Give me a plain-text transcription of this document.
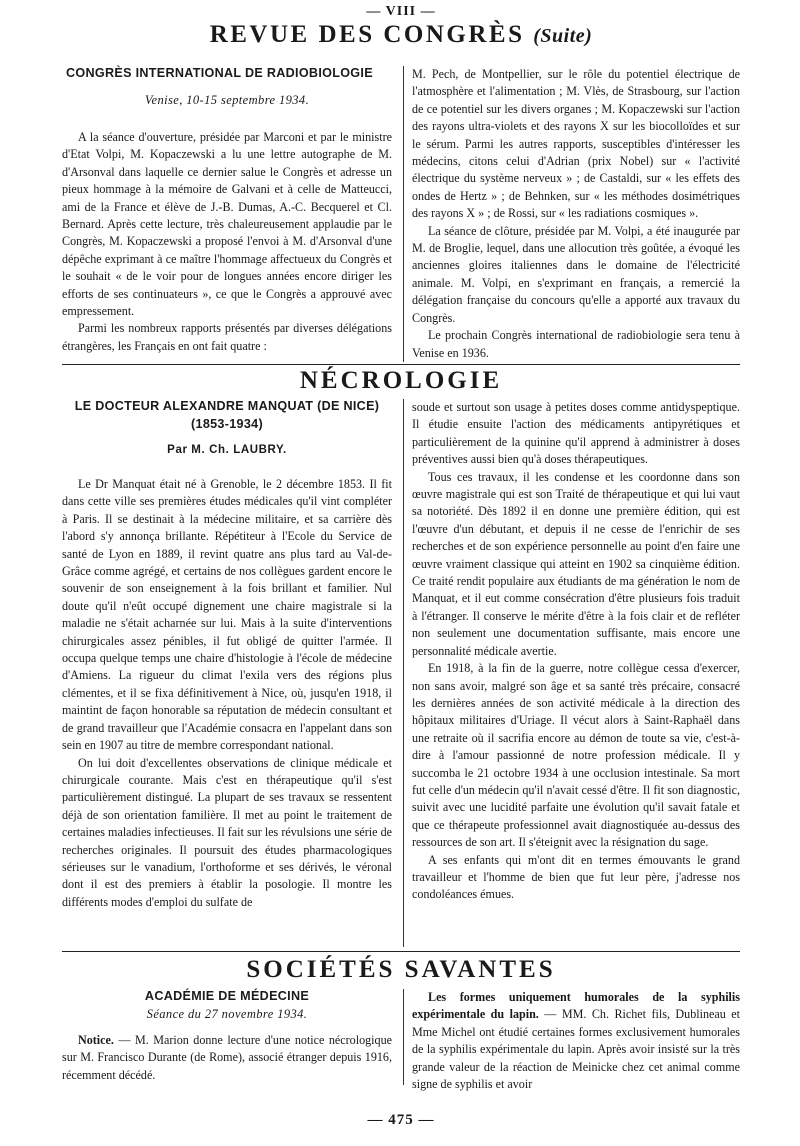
— VIII —
REVUE DES CONGRÈS (Suite)
CONGRÈS INTERNATIONAL DE RADIOBIOLOGIE
Venise, 10-15 septembre 1934.

A la séance d'ouverture, présidée par Marconi et par le ministre d'Etat Volpi, M. Kopaczewski a lu une lettre autographe de M. d'Arsonval dans laquelle ce dernier salue le Congrès et adresse un pieux hommage à la mémoire de Galvani et à celle de Matteucci, ami de la France et élève de J.-B. Dumas, A.-C. Becquerel et Cl. Bernard. Après cette lecture, très chaleureusement applaudie par le Congrès, M. Kopaczewski a proposé l'envoi à M. d'Arsonval d'une dépêche exprimant à ce maître l'hommage affectueux du Congrès et le souhait « de le voir pour de longues années encore diriger les efforts de ses continuateurs », ce que le Congrès a approuvé avec empressement.

Parmi les nombreux rapports présentés par diverses délégations étrangères, les Français en ont fait quatre :

M. Pech, de Montpellier, sur le rôle du potentiel électrique de l'atmosphère et l'alimentation ; M. Vlès, de Strasbourg, sur l'action de ce potentiel sur les divers organes ; M. Kopaczewski sur l'action des rayons ultra-violets et des rayons X sur les biocolloïdes et sur le sérum. Parmi les autres rapports, susceptibles d'intéresser les médecins, citons celui d'Adrian (prix Nobel) sur « l'activité électrique du système nerveux » ; de Castaldi, sur « les effets des ondes de Hertz » ; de Behnken, sur « les méthodes dosimétriques des rayons X » ; de Rossi, sur « les radiations cosmiques ».

La séance de clôture, présidée par M. Volpi, a été inaugurée par M. de Broglie, lequel, dans une allocution très goûtée, a évoqué les anciennes gloires italiennes dans le domaine de l'électricité animale. M. Volpi, en s'exprimant en français, a remercié la délégation française du concours qu'elle a apporté aux travaux du Congrès.

Le prochain Congrès international de radiobiologie sera tenu à Venise en 1936.

NÉCROLOGIE
LE DOCTEUR ALEXANDRE MANQUAT (DE NICE)
(1853-1934)
Par M. Ch. LAUBRY.

Le Dr Manquat était né à Grenoble, le 2 décembre 1853. Il fit dans cette ville ses premières études médicales qu'il vint compléter à Paris. Il se destinait à la médecine militaire, et sa carrière dès l'abord s'y annonça brillante. Répétiteur à l'Ecole du Service de santé de Lyon en 1889, il revint quatre ans plus tard au Val-de-Grâce comme agrégé, et certains de nos collègues gardent encore le souvenir de son enseignement à la fois brillant et familier. Nul doute qu'il n'eût occupé dignement une chaire magistrale si la maladie ne s'était acharnée sur lui. Mais à la suite d'interventions chirurgicales assez pénibles, il fut obligé de quitter l'armée. Il occupa quelque temps une chaire d'histologie à l'école de médecine d'Amiens. La rigueur du climat l'exila vers des régions plus clémentes, et il se fixa définitivement à Nice, où, jusqu'en 1918, il maintint de façon honorable sa réputation de médecin consultant et de grand travailleur que l'Académie consacra en l'appelant dans son sein en 1907 au titre de membre correspondant national.

On lui doit d'excellentes observations de clinique médicale et chirurgicale courante. Mais c'est en thérapeutique qu'il s'est particulièrement distingué. La plupart de ses travaux se ressentent déjà de son orientation familière. Il met au point le traitement de certaines maladies infectieuses. Il fait sur les révulsions une série de recherches originales. Il poursuit des études pharmacologiques sérieuses sur le vanadium, l'orthoforme et ses dérivés, le véronal dont il est des premiers à établir la posologie. Il montre les différents modes d'emploi du sulfate de

soude et surtout son usage à petites doses comme antidyspeptique. Il étudie ensuite l'action des médicaments antipyrétiques et particulièrement de la quinine qu'il apprend à administrer à doses préventives aussi bien qu'à doses thérapeutiques.

Tous ces travaux, il les condense et les coordonne dans son œuvre magistrale qui est son Traité de thérapeutique et qui lui vaut sa notoriété. Dès 1892 il en donne une première édition, qui est l'œuvre d'un débutant, et depuis il ne cesse de l'enrichir de ses recherches et de son expérience personnelle au point d'en faire une œuvre vraiment classique qui atteint en 1902 sa cinquième édition. Ce traité rendit populaire aux étudiants de ma génération le nom de Manquat, et il eut comme consécration d'être plusieurs fois traduit à l'étranger. Il conserve le mérite d'être à la fois clair et de refléter non seulement une documentation suffisante, mais encore une personnalité médicale avertie.

En 1918, à la fin de la guerre, notre collègue cessa d'exercer, non sans avoir, malgré son âge et sa santé très précaire, consacré les dernières années de son activité médicale à la direction des hôpitaux militaires d'Uriage. Il vécut alors à Saint-Raphaël dans une retraite où il sacrifia encore au démon de toute sa vie, c'est-à-dire à l'amour passionné de notre profession médicale. Il y succomba le 21 octobre 1934 à une occlusion intestinale. Sa mort fut celle d'un médecin qu'il n'avait cessé d'être. Il fit son diagnostic, suivit avec une lucidité parfaite une évolution qu'il savait fatale et que ce thérapeute professionnel avait diagnostiquée au-dessus des ressources de son art. Il s'éteignit avec la résignation du sage.

A ses enfants qui m'ont dit en termes émouvants le grand travailleur et l'homme de bien que fut leur père, j'adresse nos condoléances émues.

SOCIÉTÉS SAVANTES
ACADÉMIE DE MÉDECINE
Séance du 27 novembre 1934.

Notice. — M. Marion donne lecture d'une notice nécrologique sur M. Francisco Durante (de Rome), associé étranger depuis 1916, récemment décédé.

Les formes uniquement humorales de la syphilis expérimentale du lapin. — MM. Ch. Richet fils, Dublineau et Mme Michel ont étudié certaines formes exclusivement humorales de la syphilis expérimentale du lapin. Après avoir insisté sur la très grande valeur de la réaction de Meinicke chez cet animal comme signe de syphilis et avoir

— 475 —
